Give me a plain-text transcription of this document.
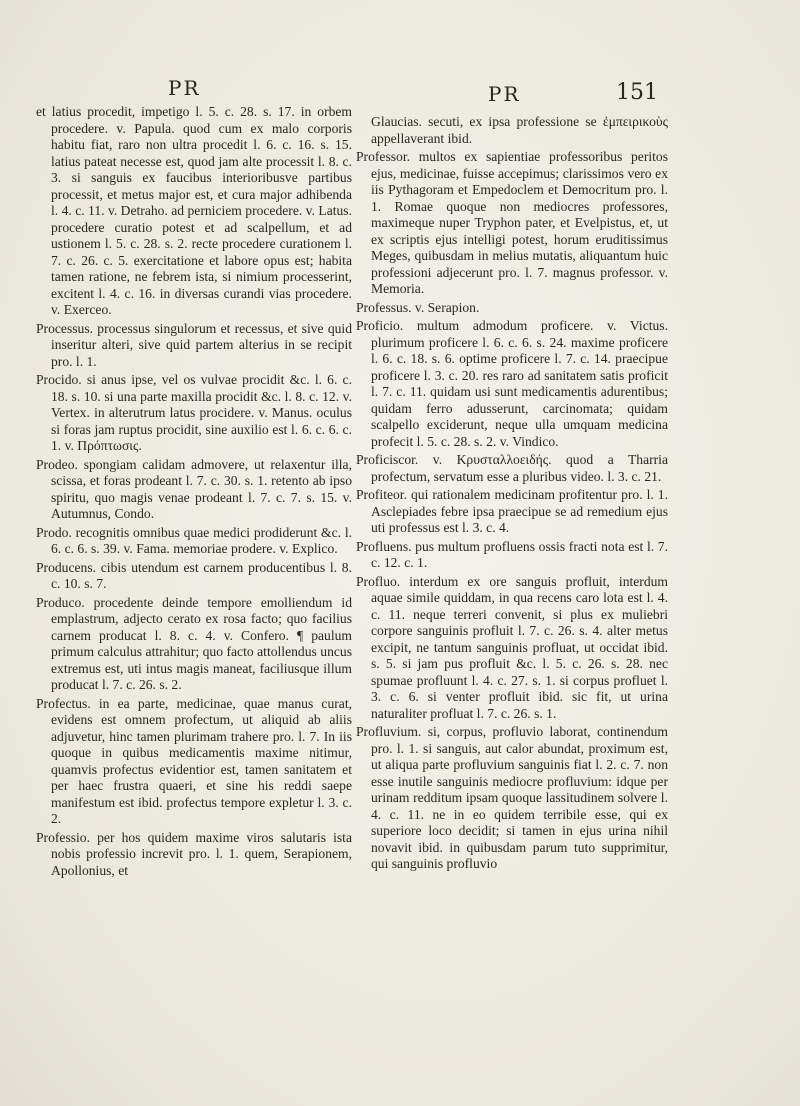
PR	PR	151

et latius procedit, impetigo l. 5. c. 28. s. 17. in orbem procedere. v. Papula. quod cum ex malo corporis habitu fiat, raro non ultra procedit l. 6. c. 16. s. 15. latius pateat necesse est, quod jam alte processit l. 8. c. 3. si sanguis ex faucibus interioribusve partibus processit, et metus major est, et cura major adhibenda l. 4. c. 11. v. Detraho. ad perniciem procedere. v. Latus. procedere curatio potest et ad scalpellum, et ad ustionem l. 5. c. 28. s. 2. recte procedere curationem l. 7. c. 26. c. 5. exercitatione et labore opus est; habita tamen ratione, ne febrem ista, si nimium processerint, excitent l. 4. c. 16. in diversas curandi vias procedere. v. Exerceo.

Processus. processus singulorum et recessus, et sive quid inseritur alteri, sive quid partem alterius in se recipit pro. l. 1.

Procido. si anus ipse, vel os vulvae procidit &c. l. 6. c. 18. s. 10. si una parte maxilla procidit &c. l. 8. c. 12. v. Vertex. in alterutrum latus procidere. v. Manus. oculus si foras jam ruptus procidit, sine auxilio est l. 6. c. 6. c. 1. v. Πρόπτωσις.

Prodeo. spongiam calidam admovere, ut relaxentur illa, scissa, et foras prodeant l. 7. c. 30. s. 1. retento ab ipso spiritu, quo magis venae prodeant l. 7. c. 7. s. 15. v. Autumnus, Condo.

Prodo. recognitis omnibus quae medici prodiderunt &c. l. 6. c. 6. s. 39. v. Fama. memoriae prodere. v. Explico.

Producens. cibis utendum est carnem producentibus l. 8. c. 10. s. 7.

Produco. procedente deinde tempore emolliendum id emplastrum, adjecto cerato ex rosa facto; quo facilius carnem producat l. 8. c. 4. v. Confero. ¶ paulum primum calculus attrahitur; quo facto attollendus uncus extremus est, uti intus magis maneat, faciliusque illum producat l. 7. c. 26. s. 2.

Profectus. in ea parte, medicinae, quae manus curat, evidens est omnem profectum, ut aliquid ab aliis adjuvetur, hinc tamen plurimam trahere pro. l. 7. In iis quoque in quibus medicamentis maxime nitimur, quamvis profectus evidentior est, tamen sanitatem et per haec frustra quaeri, et sine his reddi saepe manifestum est ibid. profectus tempore expletur l. 3. c. 2.

Professio. per hos quidem maxime viros salutaris ista nobis professio increvit pro. l. 1. quem, Serapionem, Apollonius, et

Glaucias. secuti, ex ipsa professione se ἐμπειρικοὺς appellaverant ibid.

Professor. multos ex sapientiae professoribus peritos ejus, medicinae, fuisse accepimus; clarissimos vero ex iis Pythagoram et Empedoclem et Democritum pro. l. 1. Romae quoque non mediocres professores, maximeque nuper Tryphon pater, et Evelpistus, et, ut ex scriptis ejus intelligi potest, horum eruditissimus Meges, quibusdam in melius mutatis, aliquantum huic professioni adjecerunt pro. l. 7. magnus professor. v. Memoria.

Professus. v. Serapion.

Proficio. multum admodum proficere. v. Victus. plurimum proficere l. 6. c. 6. s. 24. maxime proficere l. 6. c. 18. s. 6. optime proficere l. 7. c. 14. praecipue proficere l. 3. c. 20. res raro ad sanitatem satis proficit l. 7. c. 11. quidam usi sunt medicamentis adurentibus; quidam ferro adusserunt, carcinomata; quidam scalpello exciderunt, neque ulla umquam medicina profecit l. 5. c. 28. s. 2. v. Vindico.

Proficiscor. v. Κρυσταλλοειδής. quod a Tharria profectum, servatum esse a pluribus video. l. 3. c. 21.

Profiteor. qui rationalem medicinam profitentur pro. l. 1. Asclepiades febre ipsa praecipue se ad remedium ejus uti professus est l. 3. c. 4.

Profluens. pus multum profluens ossis fracti nota est l. 7. c. 12. c. 1.

Profluo. interdum ex ore sanguis profluit, interdum aquae simile quiddam, in qua recens caro lota est l. 4. c. 11. neque terreri convenit, si plus ex muliebri corpore sanguinis profluit l. 7. c. 26. s. 4. alter metus excipit, ne tantum sanguinis profluat, ut occidat ibid. s. 5. si jam pus profluit &c. l. 5. c. 26. s. 28. nec spumae profluunt l. 4. c. 27. s. 1. si corpus profluet l. 3. c. 6. si venter profluit ibid. sic fit, ut urina naturaliter profluat l. 7. c. 26. s. 1.

Profluvium. si, corpus, profluvio laborat, continendum pro. l. 1. si sanguis, aut calor abundat, proximum est, ut aliqua parte profluvium sanguinis fiat l. 2. c. 7. non esse inutile sanguinis mediocre profluvium: idque per urinam redditum ipsam quoque lassitudinem solvere l. 4. c. 11. ne in eo quidem terribile esse, qui ex superiore loco decidit; si tamen in ejus urina nihil novavit ibid. in quibusdam parum tuto supprimitur, qui sanguinis profluvio
